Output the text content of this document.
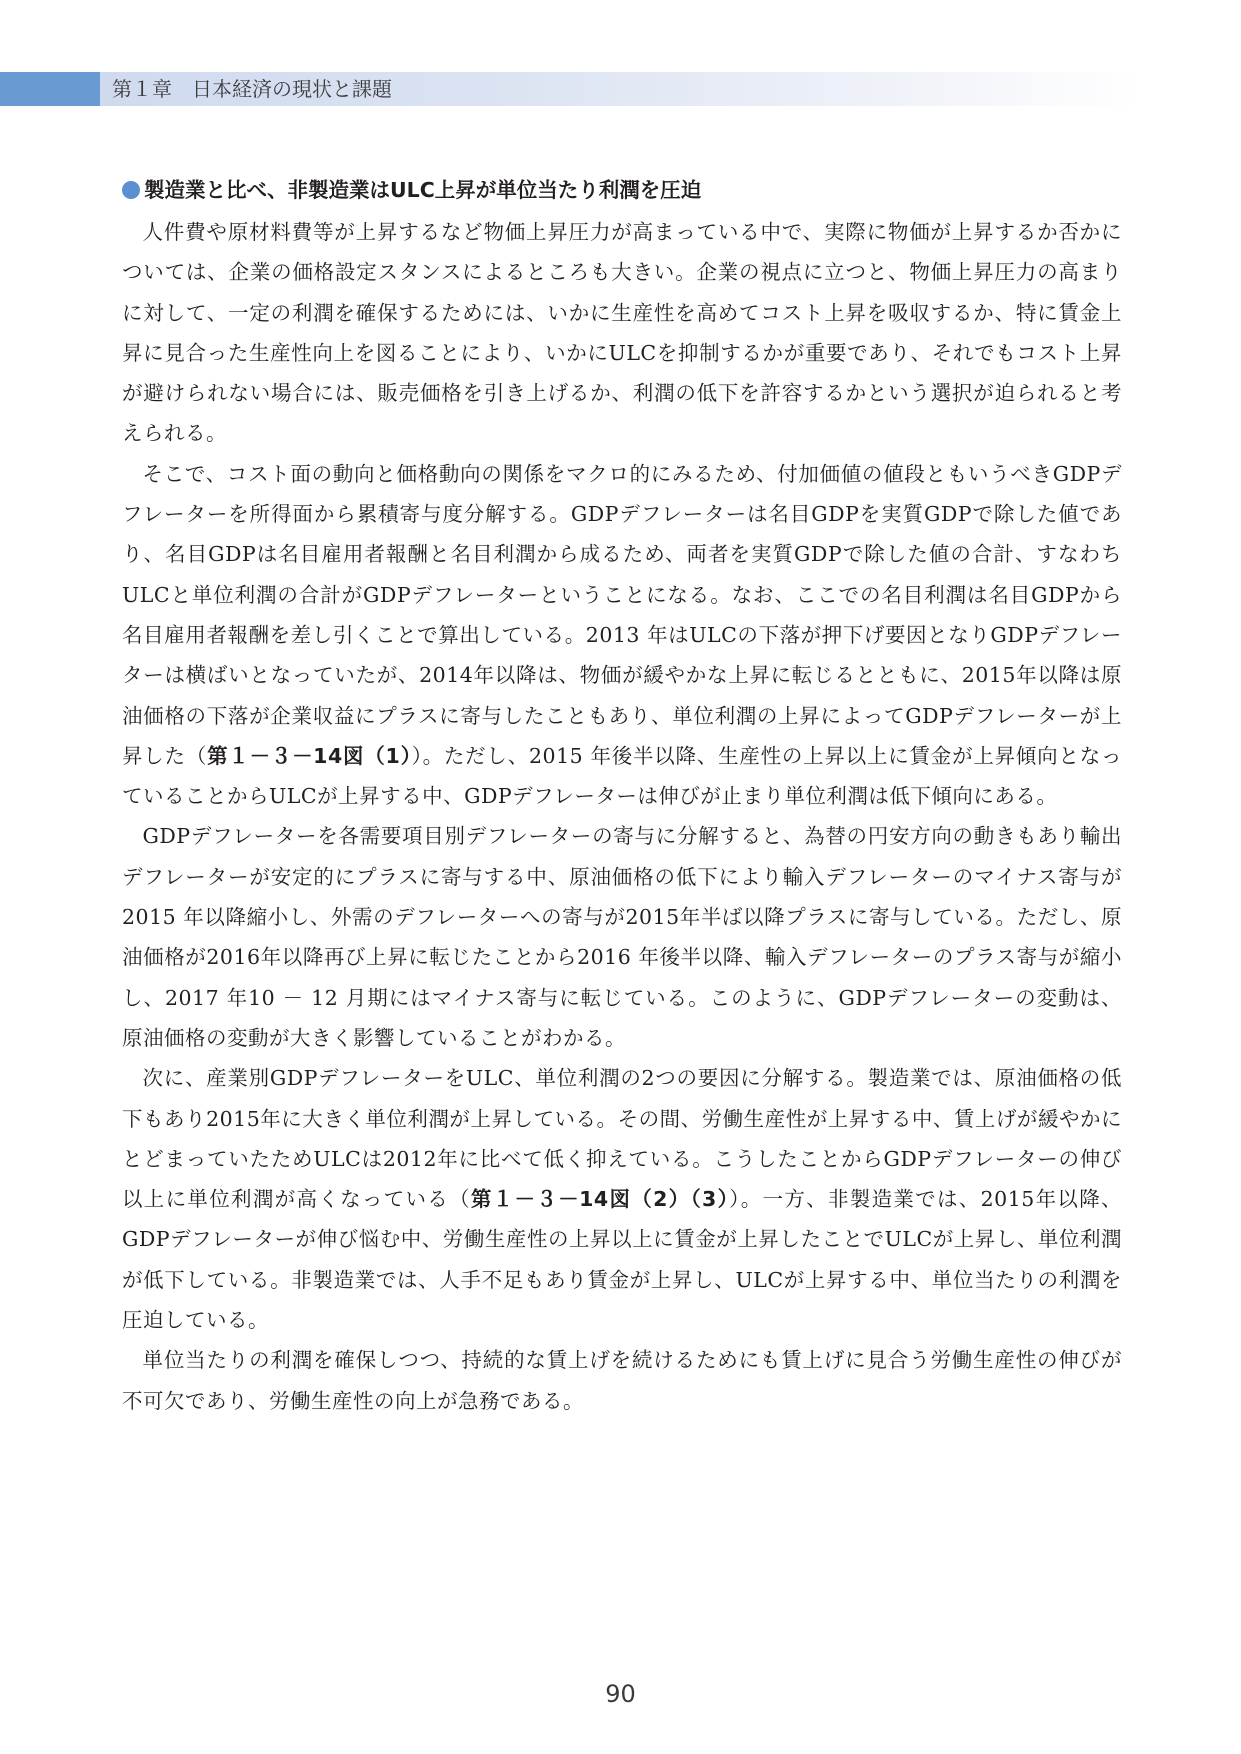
第１章　日本経済の現状と課題
製造業と比べ、非製造業はULC上昇が単位当たり利潤を圧迫

人件費や原材料費等が上昇するなど物価上昇圧力が高まっている中で、実際に物価が上昇するか否かについては、企業の価格設定スタンスによるところも大きい。企業の視点に立つと、物価上昇圧力の高まりに対して、一定の利潤を確保するためには、いかに生産性を高めてコスト上昇を吸収するか、特に賃金上昇に見合った生産性向上を図ることにより、いかにULCを抑制するかが重要であり、それでもコスト上昇が避けられない場合には、販売価格を引き上げるか、利潤の低下を許容するかという選択が迫られると考えられる。

そこで、コスト面の動向と価格動向の関係をマクロ的にみるため、付加価値の値段ともいうべきGDPデフレーターを所得面から累積寄与度分解する。GDPデフレーターは名目GDPを実質GDPで除した値であり、名目GDPは名目雇用者報酬と名目利潤から成るため、両者を実質GDPで除した値の合計、すなわちULCと単位利潤の合計がGDPデフレーターということになる。なお、ここでの名目利潤は名目GDPから名目雇用者報酬を差し引くことで算出している。2013 年はULCの下落が押下げ要因となりGDPデフレーターは横ばいとなっていたが、2014年以降は、物価が緩やかな上昇に転じるとともに、2015年以降は原油価格の下落が企業収益にプラスに寄与したこともあり、単位利潤の上昇によってGDPデフレーターが上昇した（第１－３－14図（1））。ただし、2015 年後半以降、生産性の上昇以上に賃金が上昇傾向となっていることからULCが上昇する中、GDPデフレーターは伸びが止まり単位利潤は低下傾向にある。

GDPデフレーターを各需要項目別デフレーターの寄与に分解すると、為替の円安方向の動きもあり輸出デフレーターが安定的にプラスに寄与する中、原油価格の低下により輸入デフレーターのマイナス寄与が2015 年以降縮小し、外需のデフレーターへの寄与が2015年半ば以降プラスに寄与している。ただし、原油価格が2016年以降再び上昇に転じたことから2016 年後半以降、輸入デフレーターのプラス寄与が縮小し、2017 年10 － 12 月期にはマイナス寄与に転じている。このように、GDPデフレーターの変動は、原油価格の変動が大きく影響していることがわかる。

次に、産業別GDPデフレーターをULC、単位利潤の2つの要因に分解する。製造業では、原油価格の低下もあり2015年に大きく単位利潤が上昇している。その間、労働生産性が上昇する中、賃上げが緩やかにとどまっていたためULCは2012年に比べて低く抑えている。こうしたことからGDPデフレーターの伸び以上に単位利潤が高くなっている（第１－３－14図（2）（3））。一方、非製造業では、2015年以降、GDPデフレーターが伸び悩む中、労働生産性の上昇以上に賃金が上昇したことでULCが上昇し、単位利潤が低下している。非製造業では、人手不足もあり賃金が上昇し、ULCが上昇する中、単位当たりの利潤を圧迫している。

単位当たりの利潤を確保しつつ、持続的な賃上げを続けるためにも賃上げに見合う労働生産性の伸びが不可欠であり、労働生産性の向上が急務である。

90
